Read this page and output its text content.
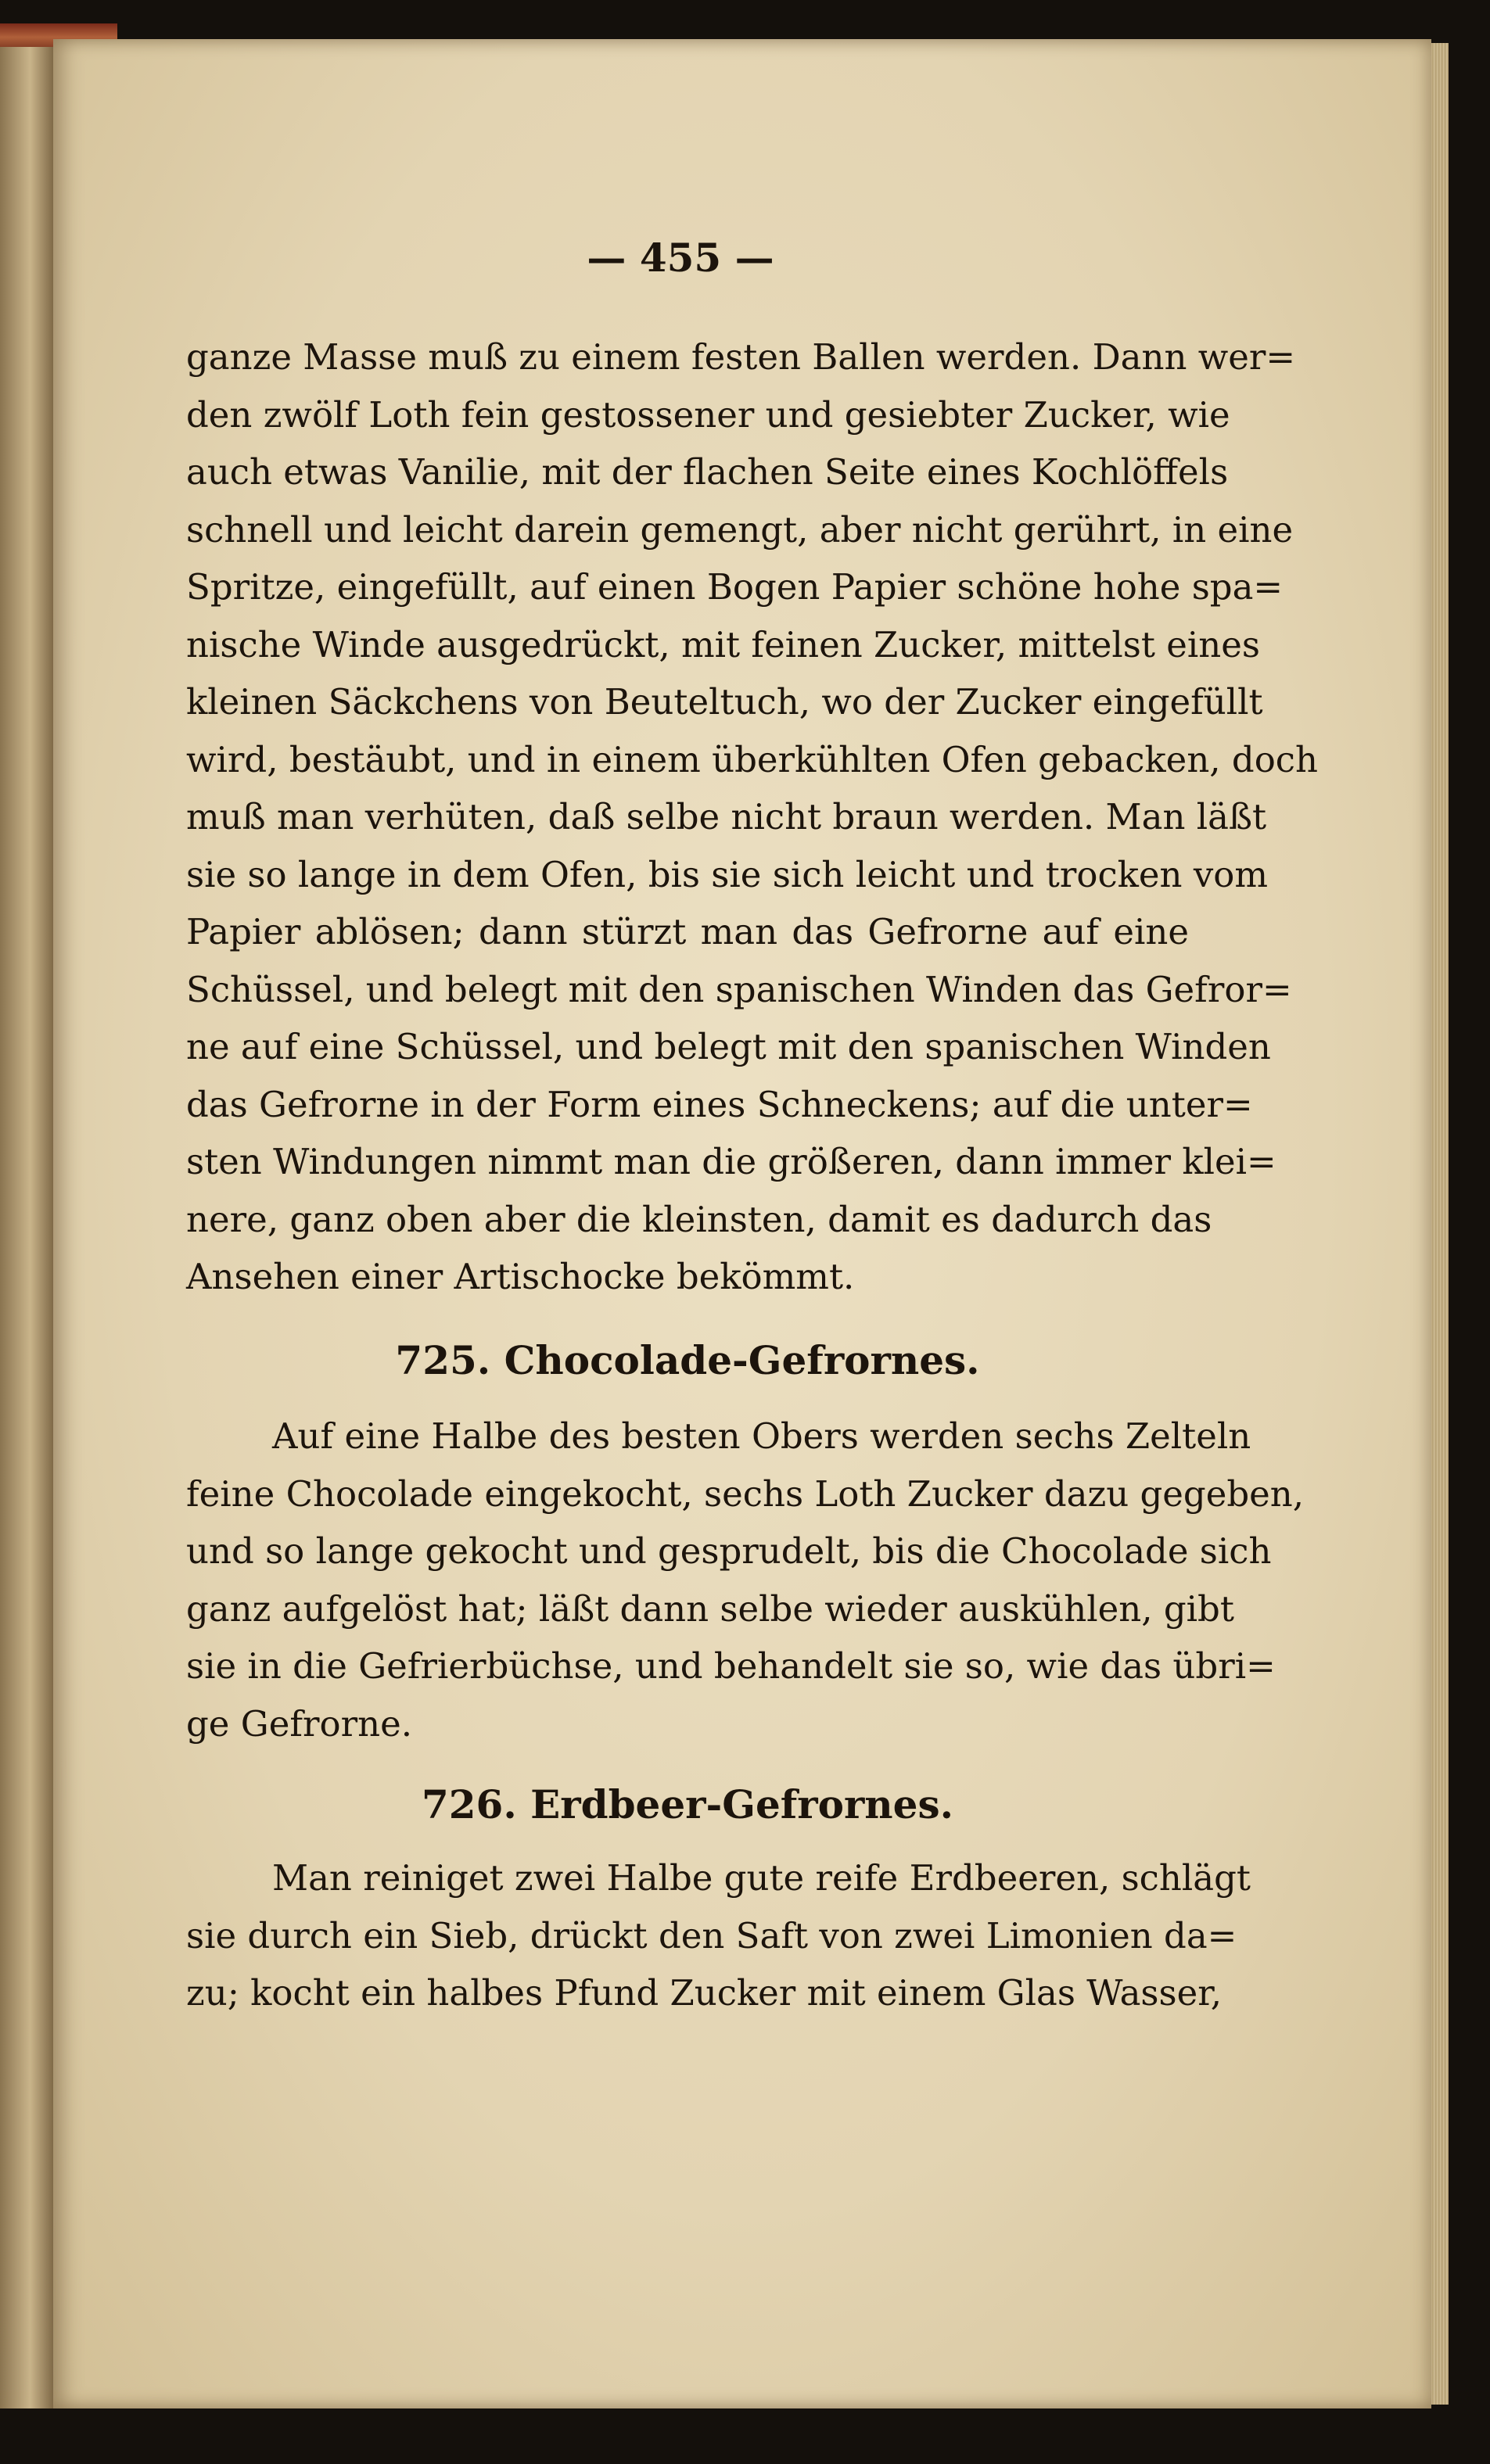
— 455 —
ganze Masse muß zu einem festen Ballen werden. Dann wer=
den zwölf Loth fein gestossener und gesiebter Zucker, wie
auch etwas Vanilie, mit der flachen Seite eines Kochlöffels
schnell und leicht darein gemengt, aber nicht gerührt, in eine
Spritze, eingefüllt, auf einen Bogen Papier schöne hohe spa=
nische Winde ausgedrückt, mit feinen Zucker, mittelst eines
kleinen Säckchens von Beuteltuch, wo der Zucker eingefüllt
wird, bestäubt, und in einem überkühlten Ofen gebacken, doch
muß man verhüten, daß selbe nicht braun werden. Man läßt
sie so lange in dem Ofen, bis sie sich leicht und trocken vom
Papier ablösen; dann stürzt man das Gefrorne auf eine
Schüssel, und belegt mit den spanischen Winden das Gefror=
ne auf eine Schüssel, und belegt mit den spanischen Winden
das Gefrorne in der Form eines Schneckens; auf die unter=
sten Windungen nimmt man die größeren, dann immer klei=
nere, ganz oben aber die kleinsten, damit es dadurch das
Ansehen einer Artischocke bekömmt.
725. Chocolade-Gefrornes.
Auf eine Halbe des besten Obers werden sechs Zelteln
feine Chocolade eingekocht, sechs Loth Zucker dazu gegeben,
und so lange gekocht und gesprudelt, bis die Chocolade sich
ganz aufgelöst hat; läßt dann selbe wieder auskühlen, gibt
sie in die Gefrierbüchse, und behandelt sie so, wie das übri=
ge Gefrorne.
726. Erdbeer-Gefrornes.
Man reiniget zwei Halbe gute reife Erdbeeren, schlägt
sie durch ein Sieb, drückt den Saft von zwei Limonien da=
zu; kocht ein halbes Pfund Zucker mit einem Glas Wasser,
